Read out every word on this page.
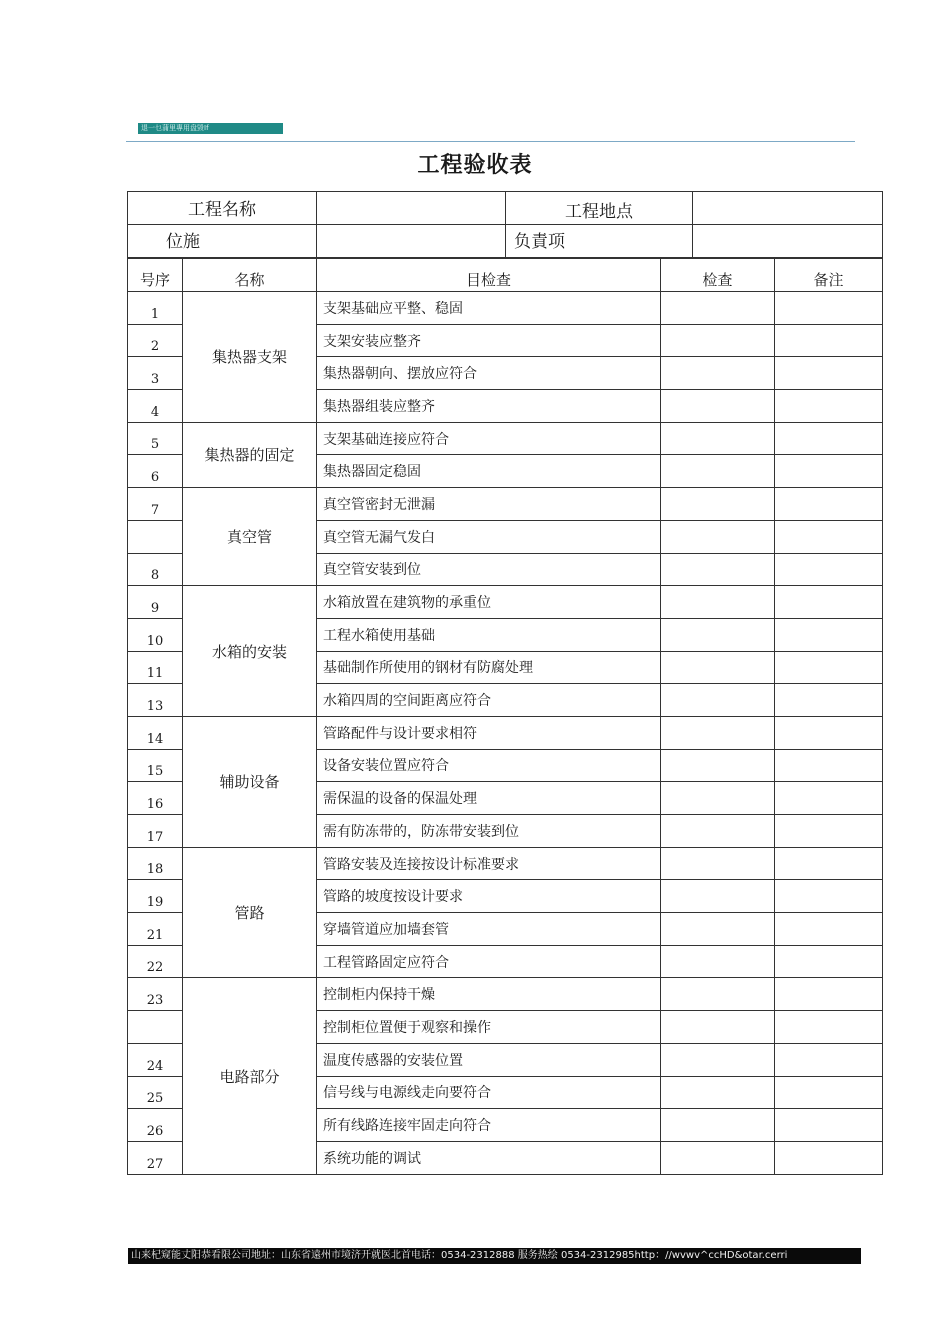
退一乜蒲里專用盘毀If
工程验收表
工程名称		工程地点	
位施		负責项	
号序	名称	目检查	检查	备注
1	集热器支架	支架基础应平整、稳固		
2		支架安装应整齐		
3		集热器朝向、摆放应符合		
4		集热器组装应整齐		
5	集热器的固定	支架基础连接应符合		
6		集热器固定稳固		
7	真空管	真空管密封无泄漏		
		真空管无漏气发白		
8		真空管安装到位		
9	水箱的安装	水箱放置在建筑物的承重位		
10		工程水箱使用基础		
11		基础制作所使用的钢材有防腐处理		
13		水箱四周的空间距离应符合		
14	辅助设备	管路配件与设计要求相符		
15		设备安装位置应符合		
16		需保温的设备的保温处理		
17		需有防冻带的，防冻带安装到位		
18	管路	管路安装及连接按设计标准要求		
19		管路的坡度按设计要求		
21		穿墙管道应加墙套管		
22		工程管路固定应符合		
23	电路部分	控制柜内保持干燥		
		控制柜位置便于观察和操作		
24		温度传感器的安装位置		
25		信号线与电源线走向要符合		
26		所有线路连接牢固走向符合		
27		系统功能的调试		
山来杞窥能丈阳恭看限公司地址：山东省遠州市境济开就医北首电话：0534-2312888 服务热绘 0534-2312985http：//wvwv^ccHD&otar.cerri
